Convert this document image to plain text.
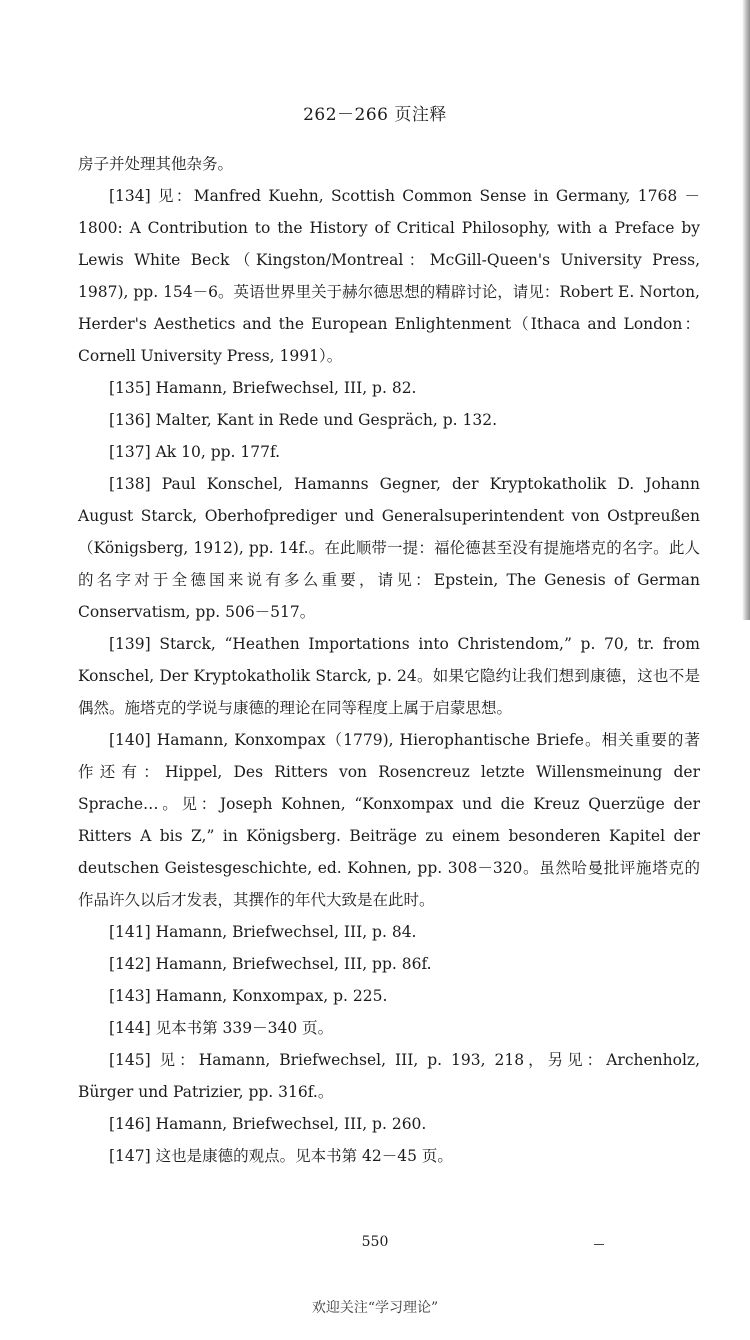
262－266 页注释

房子并处理其他杂务。

[134] 见：Manfred Kuehn, Scottish Common Sense in Germany, 1768 －1800: A Contribution to the History of Critical Philosophy, with a Preface by Lewis White Beck（Kingston/Montreal：McGill-Queen's University Press, 1987), pp. 154－6。英语世界里关于赫尔德思想的精辟讨论，请见：Robert E. Norton, Herder's Aesthetics and the European Enlightenment（Ithaca and London：Cornell University Press, 1991）。

[135] Hamann, Briefwechsel, III, p. 82.

[136] Malter, Kant in Rede und Gespräch, p. 132.

[137] Ak 10, pp. 177f.

[138] Paul Konschel, Hamanns Gegner, der Kryptokatholik D. Johann August Starck, Oberhofprediger und Generalsuperintendent von Ostpreußen（Königsberg, 1912), pp. 14f.。在此顺带一提：福伦德甚至没有提施塔克的名字。此人的名字对于全德国来说有多么重要，请见：Epstein, The Genesis of German Conservatism, pp. 506－517。

[139] Starck, “Heathen Importations into Christendom,” p. 70, tr. from Konschel, Der Kryptokatholik Starck, p. 24。如果它隐约让我们想到康德，这也不是偶然。施塔克的学说与康德的理论在同等程度上属于启蒙思想。

[140] Hamann, Konxompax（1779), Hierophantische Briefe。相关重要的著作还有：Hippel, Des Ritters von Rosencreuz letzte Willensmeinung der Sprache…。见：Joseph Kohnen, “Konxompax und die Kreuz Querzüge der Ritters A bis Z,” in Königsberg. Beiträge zu einem besonderen Kapitel der deutschen Geistesgeschichte, ed. Kohnen, pp. 308－320。虽然哈曼批评施塔克的作品许久以后才发表，其撰作的年代大致是在此时。

[141] Hamann, Briefwechsel, III, p. 84.

[142] Hamann, Briefwechsel, III, pp. 86f.

[143] Hamann, Konxompax, p. 225.

[144] 见本书第 339－340 页。

[145] 见：Hamann, Briefwechsel, III, p. 193, 218，另见：Archenholz, Bürger und Patrizier, pp. 316f.。

[146] Hamann, Briefwechsel, III, p. 260.

[147] 这也是康德的观点。见本书第 42－45 页。

550
欢迎关注“学习理论”
